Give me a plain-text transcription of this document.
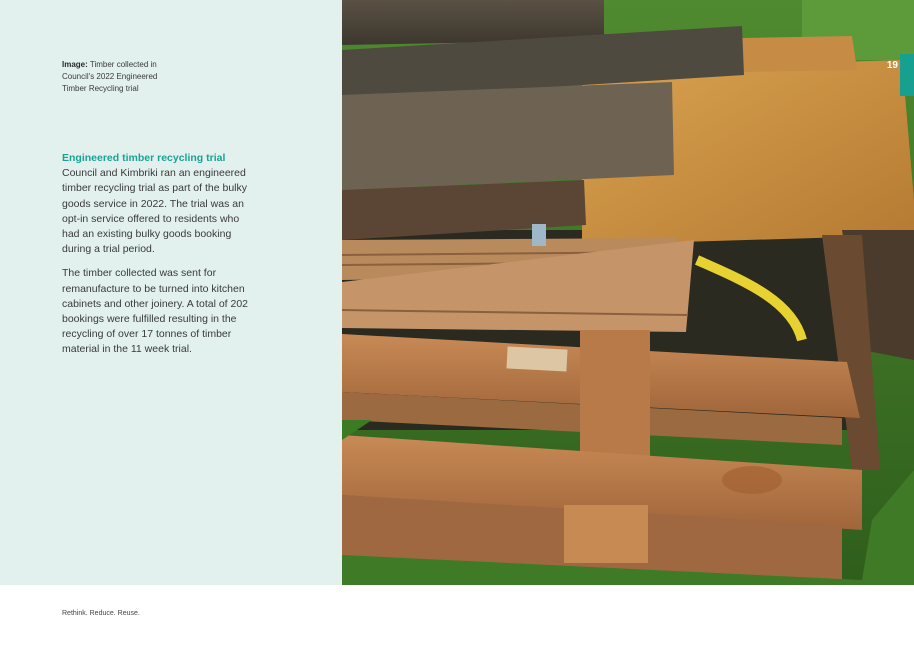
Image: Timber collected in Council's 2022 Engineered Timber Recycling trial
Engineered timber recycling trial

Council and Kimbriki ran an engineered timber recycling trial as part of the bulky goods service in 2022. The trial was an opt-in service offered to residents who had an existing bulky goods booking during a trial period.

The timber collected was sent for remanufacture to be turned into kitchen cabinets and other joinery. A total of 202 bookings were fulfilled resulting in the recycling of over 17 tonnes of timber material in the 11 week trial.

19
Rethink. Reduce. Reuse.
